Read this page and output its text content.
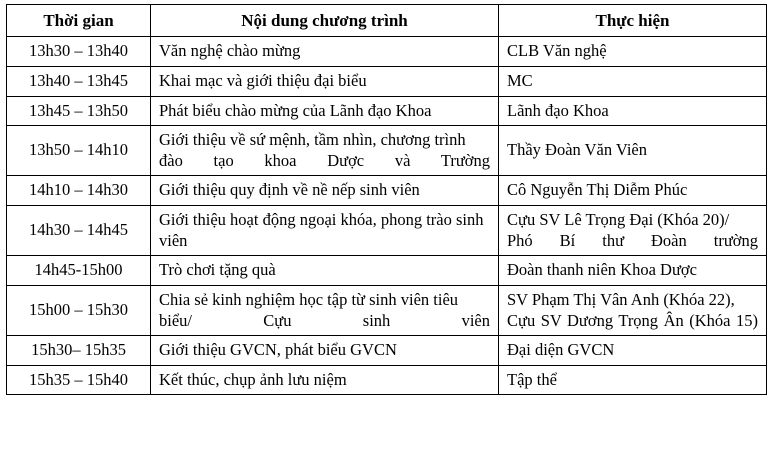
Thời gian	Nội dung chương trình	Thực hiện
13h30 – 13h40	Văn nghệ chào mừng	CLB Văn nghệ
13h40 – 13h45	Khai mạc và giới thiệu đại biểu	MC
13h45 – 13h50	Phát biểu chào mừng của Lãnh đạo Khoa	Lãnh đạo Khoa
13h50 – 14h10	Giới thiệu về sứ mệnh, tầm nhìn, chương trình đào tạo khoa Dược và Trường	Thầy Đoàn Văn Viên
14h10 – 14h30	Giới thiệu quy định về nề nếp sinh viên	Cô Nguyễn Thị Diễm Phúc
14h30 – 14h45	Giới thiệu hoạt động ngoại khóa, phong trào sinh viên	Cựu SV Lê Trọng Đại (Khóa 20)/ Phó Bí thư Đoàn trường
14h45-15h00	Trò chơi tặng quà	Đoàn thanh niên Khoa Dược
15h00 – 15h30	Chia sẻ kinh nghiệm học tập từ sinh viên tiêu biểu/ Cựu sinh viên	SV Phạm Thị Vân Anh (Khóa 22), Cựu SV Dương Trọng Ân (Khóa 15)
15h30– 15h35	Giới thiệu GVCN, phát biểu GVCN	Đại diện GVCN
15h35 – 15h40	Kết thúc, chụp ảnh lưu niệm	Tập thể
